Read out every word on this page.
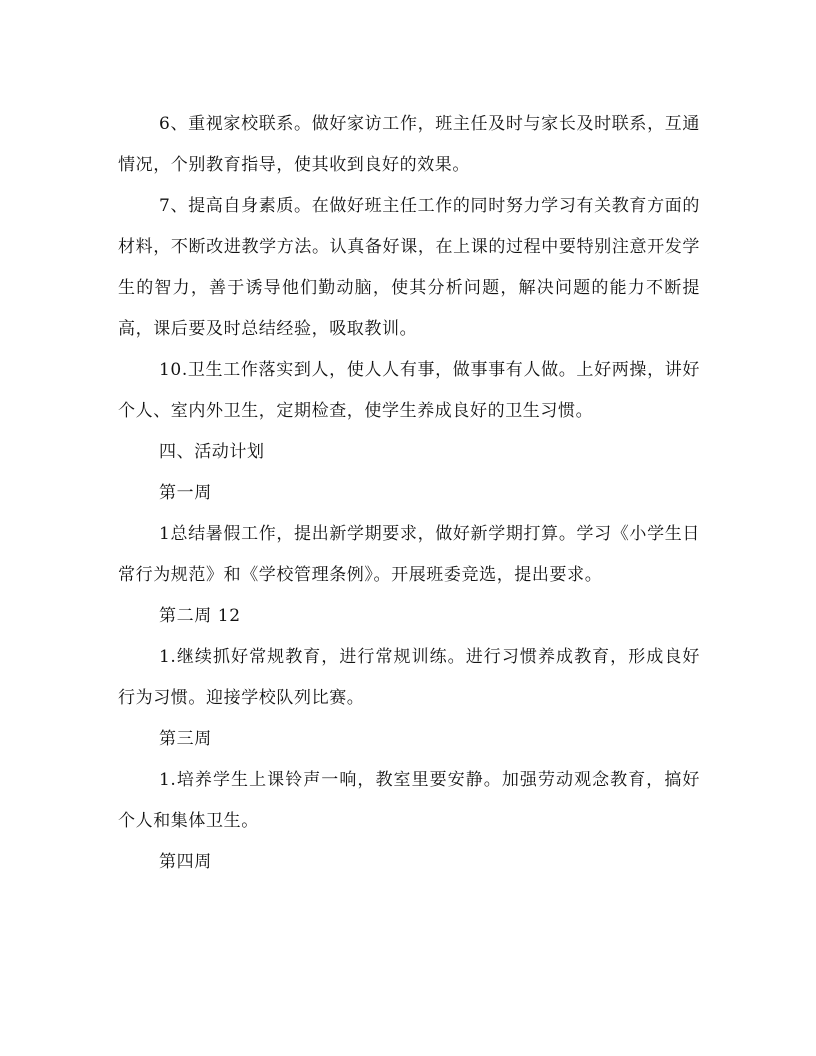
6、重视家校联系。做好家访工作，班主任及时与家长及时联系，互通情况，个别教育指导，使其收到良好的效果。

7、提高自身素质。在做好班主任工作的同时努力学习有关教育方面的材料，不断改进教学方法。认真备好课，在上课的过程中要特别注意开发学生的智力，善于诱导他们勤动脑，使其分析问题，解决问题的能力不断提高，课后要及时总结经验，吸取教训。

10.卫生工作落实到人，使人人有事，做事事有人做。上好两操，讲好个人、室内外卫生，定期检查，使学生养成良好的卫生习惯。

四、活动计划

第一周

1总结暑假工作，提出新学期要求，做好新学期打算。学习《小学生日常行为规范》和《学校管理条例》。开展班委竞选，提出要求。

第二周 12

1.继续抓好常规教育，进行常规训练。进行习惯养成教育，形成良好行为习惯。迎接学校队列比赛。

第三周

1.培养学生上课铃声一响，教室里要安静。加强劳动观念教育，搞好个人和集体卫生。

第四周
